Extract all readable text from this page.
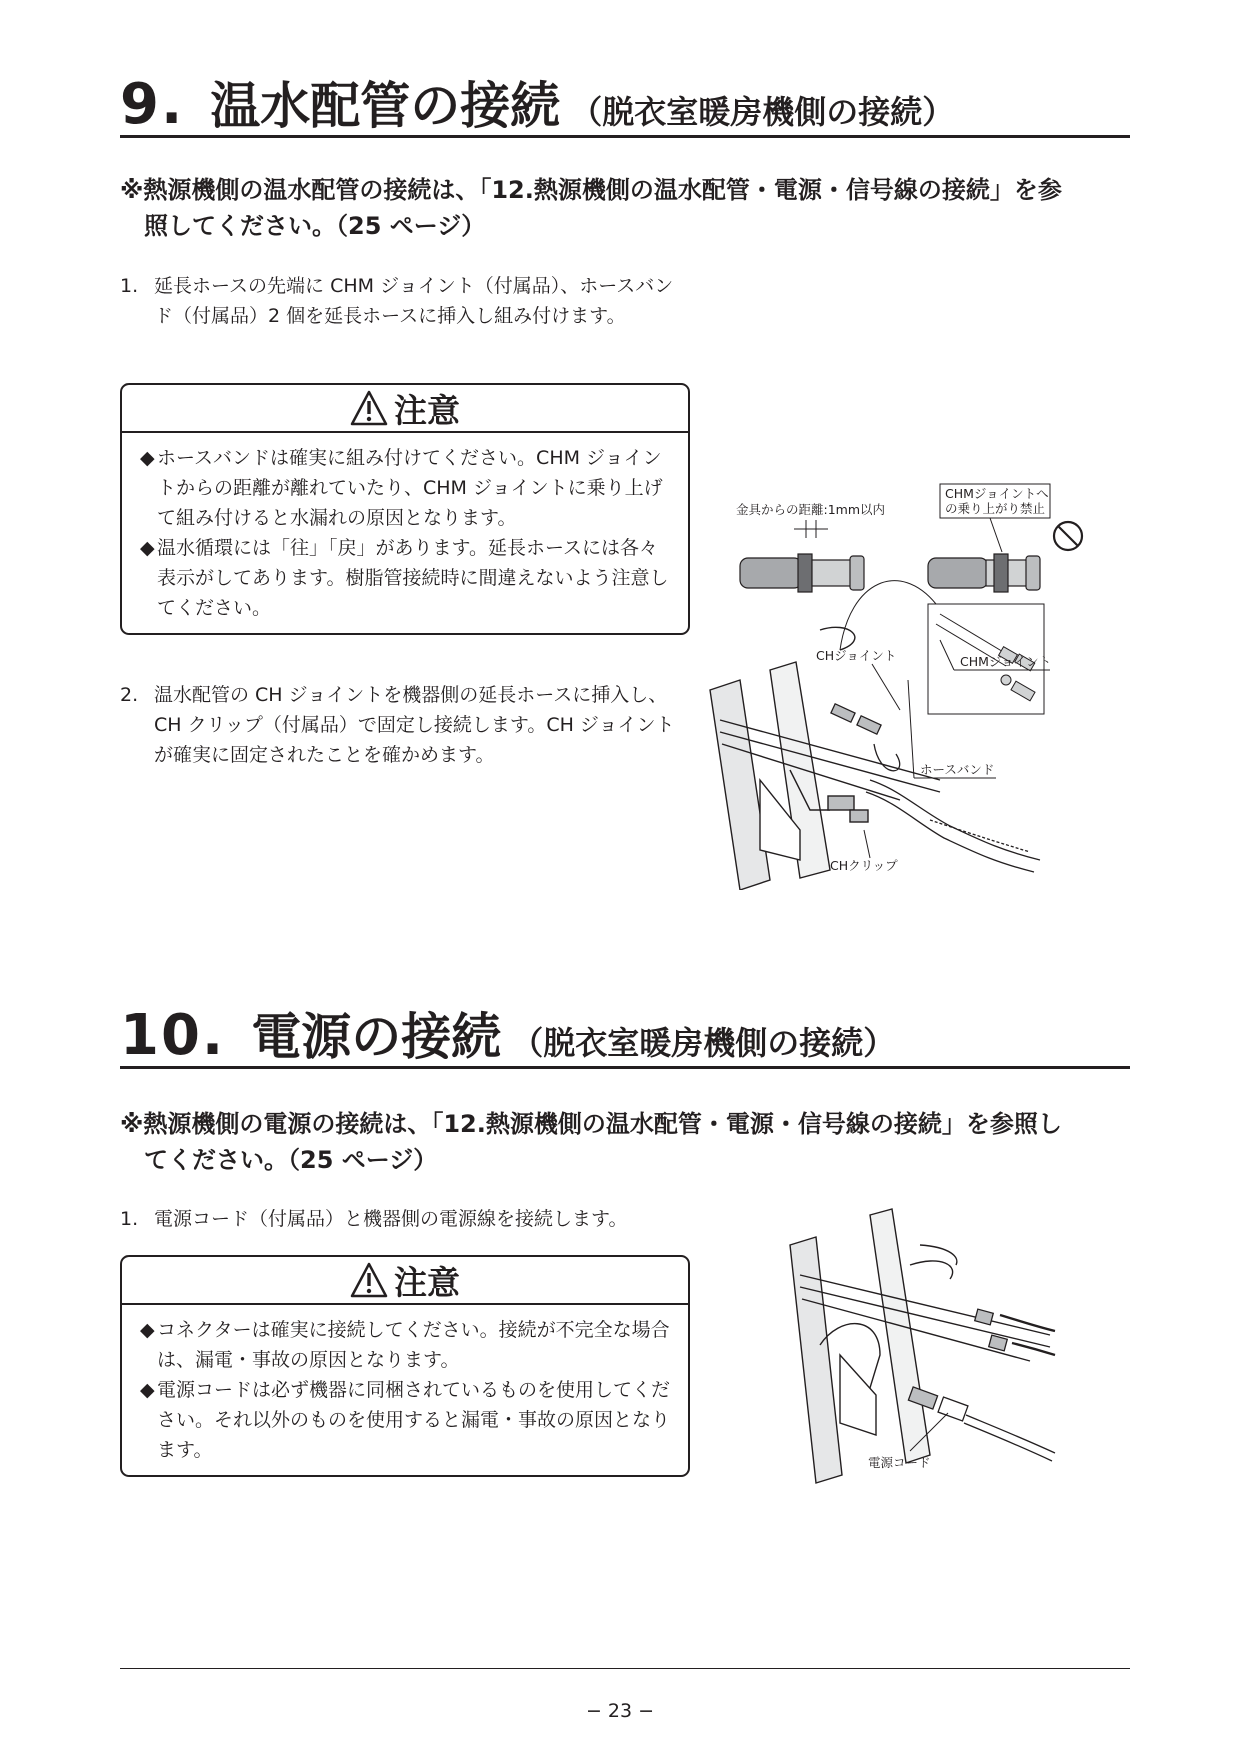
9. 温水配管の接続 （脱衣室暖房機側の接続）
※熱源機側の温水配管の接続は、「12.熱源機側の温水配管・電源・信号線の接続」を参
照してください。（25 ページ）
1. 延長ホースの先端に CHM ジョイント（付属品）、ホースバンド（付属品）2 個を延長ホースに挿入し組み付けます。
注意
◆ ホースバンドは確実に組み付けてください。CHM ジョイントからの距離が離れていたり、CHM ジョイントに乗り上げて組み付けると水漏れの原因となります。
◆ 温水循環には「往」「戻」があります。延長ホースには各々表示がしてあります。樹脂管接続時に間違えないよう注意してください。
2. 温水配管の CH ジョイントを機器側の延長ホースに挿入し、CH クリップ（付属品）で固定し接続します。CH ジョイントが確実に固定されたことを確かめます。
金具からの距離:1mm以内
CHMジョイントへ
の乗り上がり禁止
CHジョイント	CHMジョイント
ホースバンド
CHクリップ
10. 電源の接続 （脱衣室暖房機側の接続）
※熱源機側の電源の接続は、「12.熱源機側の温水配管・電源・信号線の接続」を参照し
てください。（25 ページ）
1. 電源コード（付属品）と機器側の電源線を接続します。
注意
◆ コネクターは確実に接続してください。接続が不完全な場合は、漏電・事故の原因となります。
◆ 電源コードは必ず機器に同梱されているものを使用してください。それ以外のものを使用すると漏電・事故の原因となります。
電源コード
− 23 −
